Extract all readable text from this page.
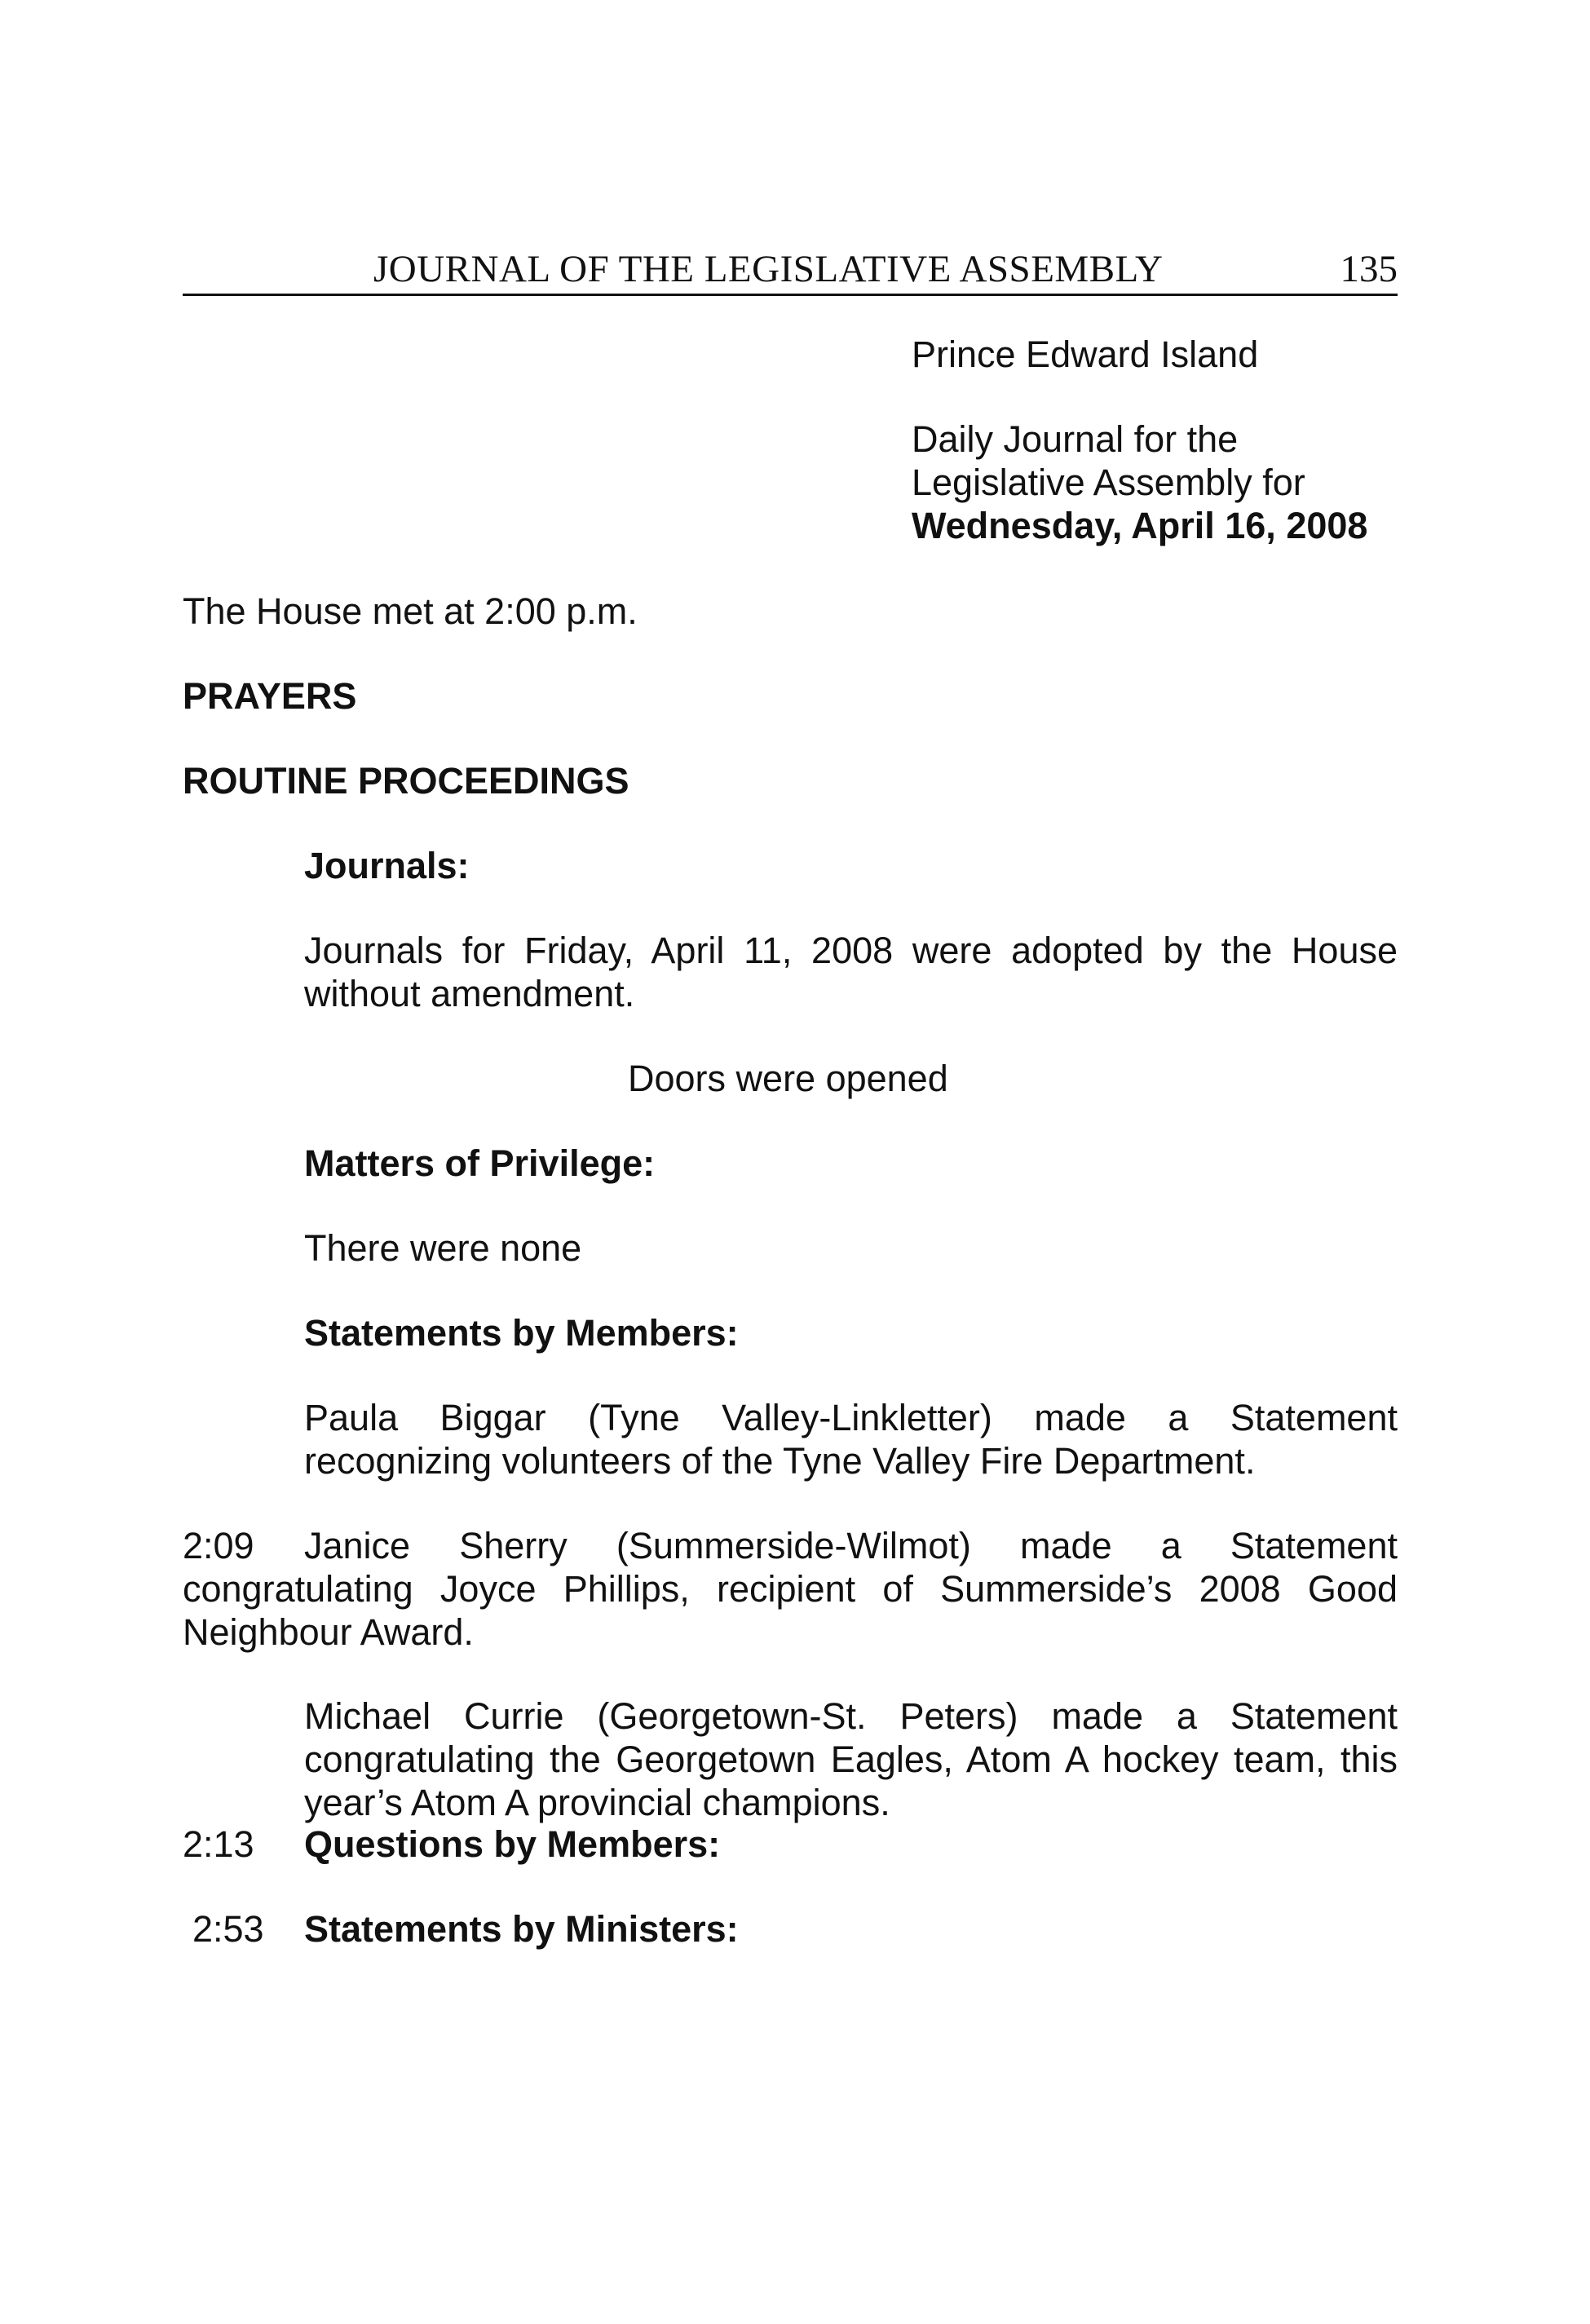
JOURNAL OF THE LEGISLATIVE ASSEMBLY	135
Prince Edward Island
Daily Journal for the
Legislative Assembly for
Wednesday, April 16, 2008
The House met at 2:00 p.m.
PRAYERS
ROUTINE PROCEEDINGS
Journals:
Journals for Friday, April 11, 2008 were adopted by the House without amendment.
Doors were opened
Matters of Privilege:
There were none
Statements by Members:
Paula Biggar (Tyne Valley-Linkletter) made a Statement recognizing volunteers of the Tyne Valley Fire Department.
2:09	Janice Sherry (Summerside-Wilmot) made a Statement congratulating Joyce Phillips, recipient of Summerside’s 2008 Good Neighbour Award.
Michael Currie (Georgetown-St. Peters) made a Statement congratulating the Georgetown Eagles, Atom A hockey team, this year’s Atom A provincial champions.
2:13 Questions by Members:
2:53 Statements by Ministers:
